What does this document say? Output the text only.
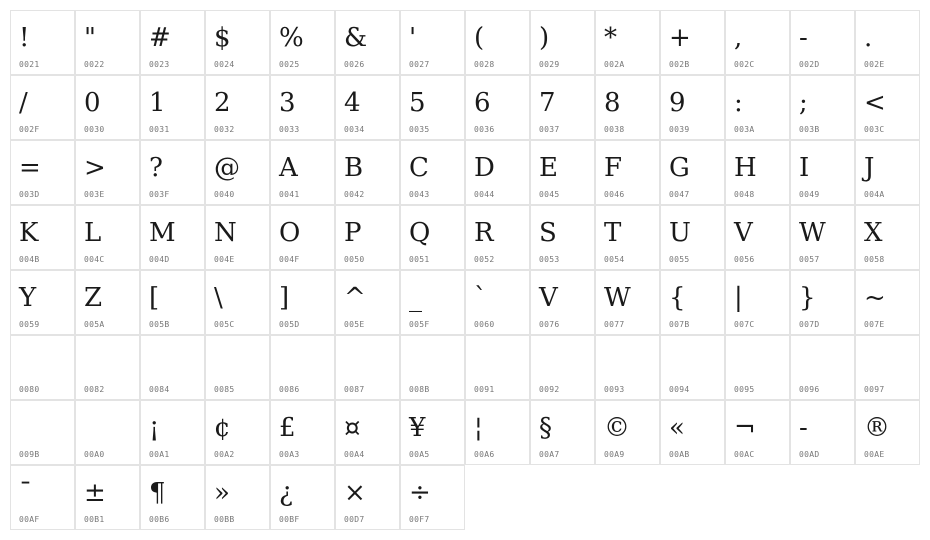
!
0021
"
0022
#
0023
$
0024
%
0025
&
0026
'
0027
(
0028
)
0029
*
002A
+
002B
,
002C
-
002D
.
002E
/
002F
0
0030
1
0031
2
0032
3
0033
4
0034
5
0035
6
0036
7
0037
8
0038
9
0039
:
003A
;
003B
<
003C
=
003D
>
003E
?
003F
@
0040
A
0041
B
0042
C
0043
D
0044
E
0045
F
0046
G
0047
H
0048
I
0049
J
004A
K
004B
L
004C
M
004D
N
004E
O
004F
P
0050
Q
0051
R
0052
S
0053
T
0054
U
0055
V
0056
W
0057
X
0058
Y
0059
Z
005A
[
005B
\
005C
]
005D
^
005E
_
005F
`
0060
V
0076
W
0077
{
007B
|
007C
}
007D
~
007E
0080	0082	0084	0085	0086	0087	008B	0091	0092	0093	0094	0095	0096	0097
009B	00A0
¡
00A1
¢
00A2
£
00A3
¤
00A4
¥
00A5
¦
00A6
§
00A7
©
00A9
«
00AB
¬
00AC
-
00AD
®
00AE
¯
00AF
±
00B1
¶
00B6
»
00BB
¿
00BF
×
00D7
÷
00F7
